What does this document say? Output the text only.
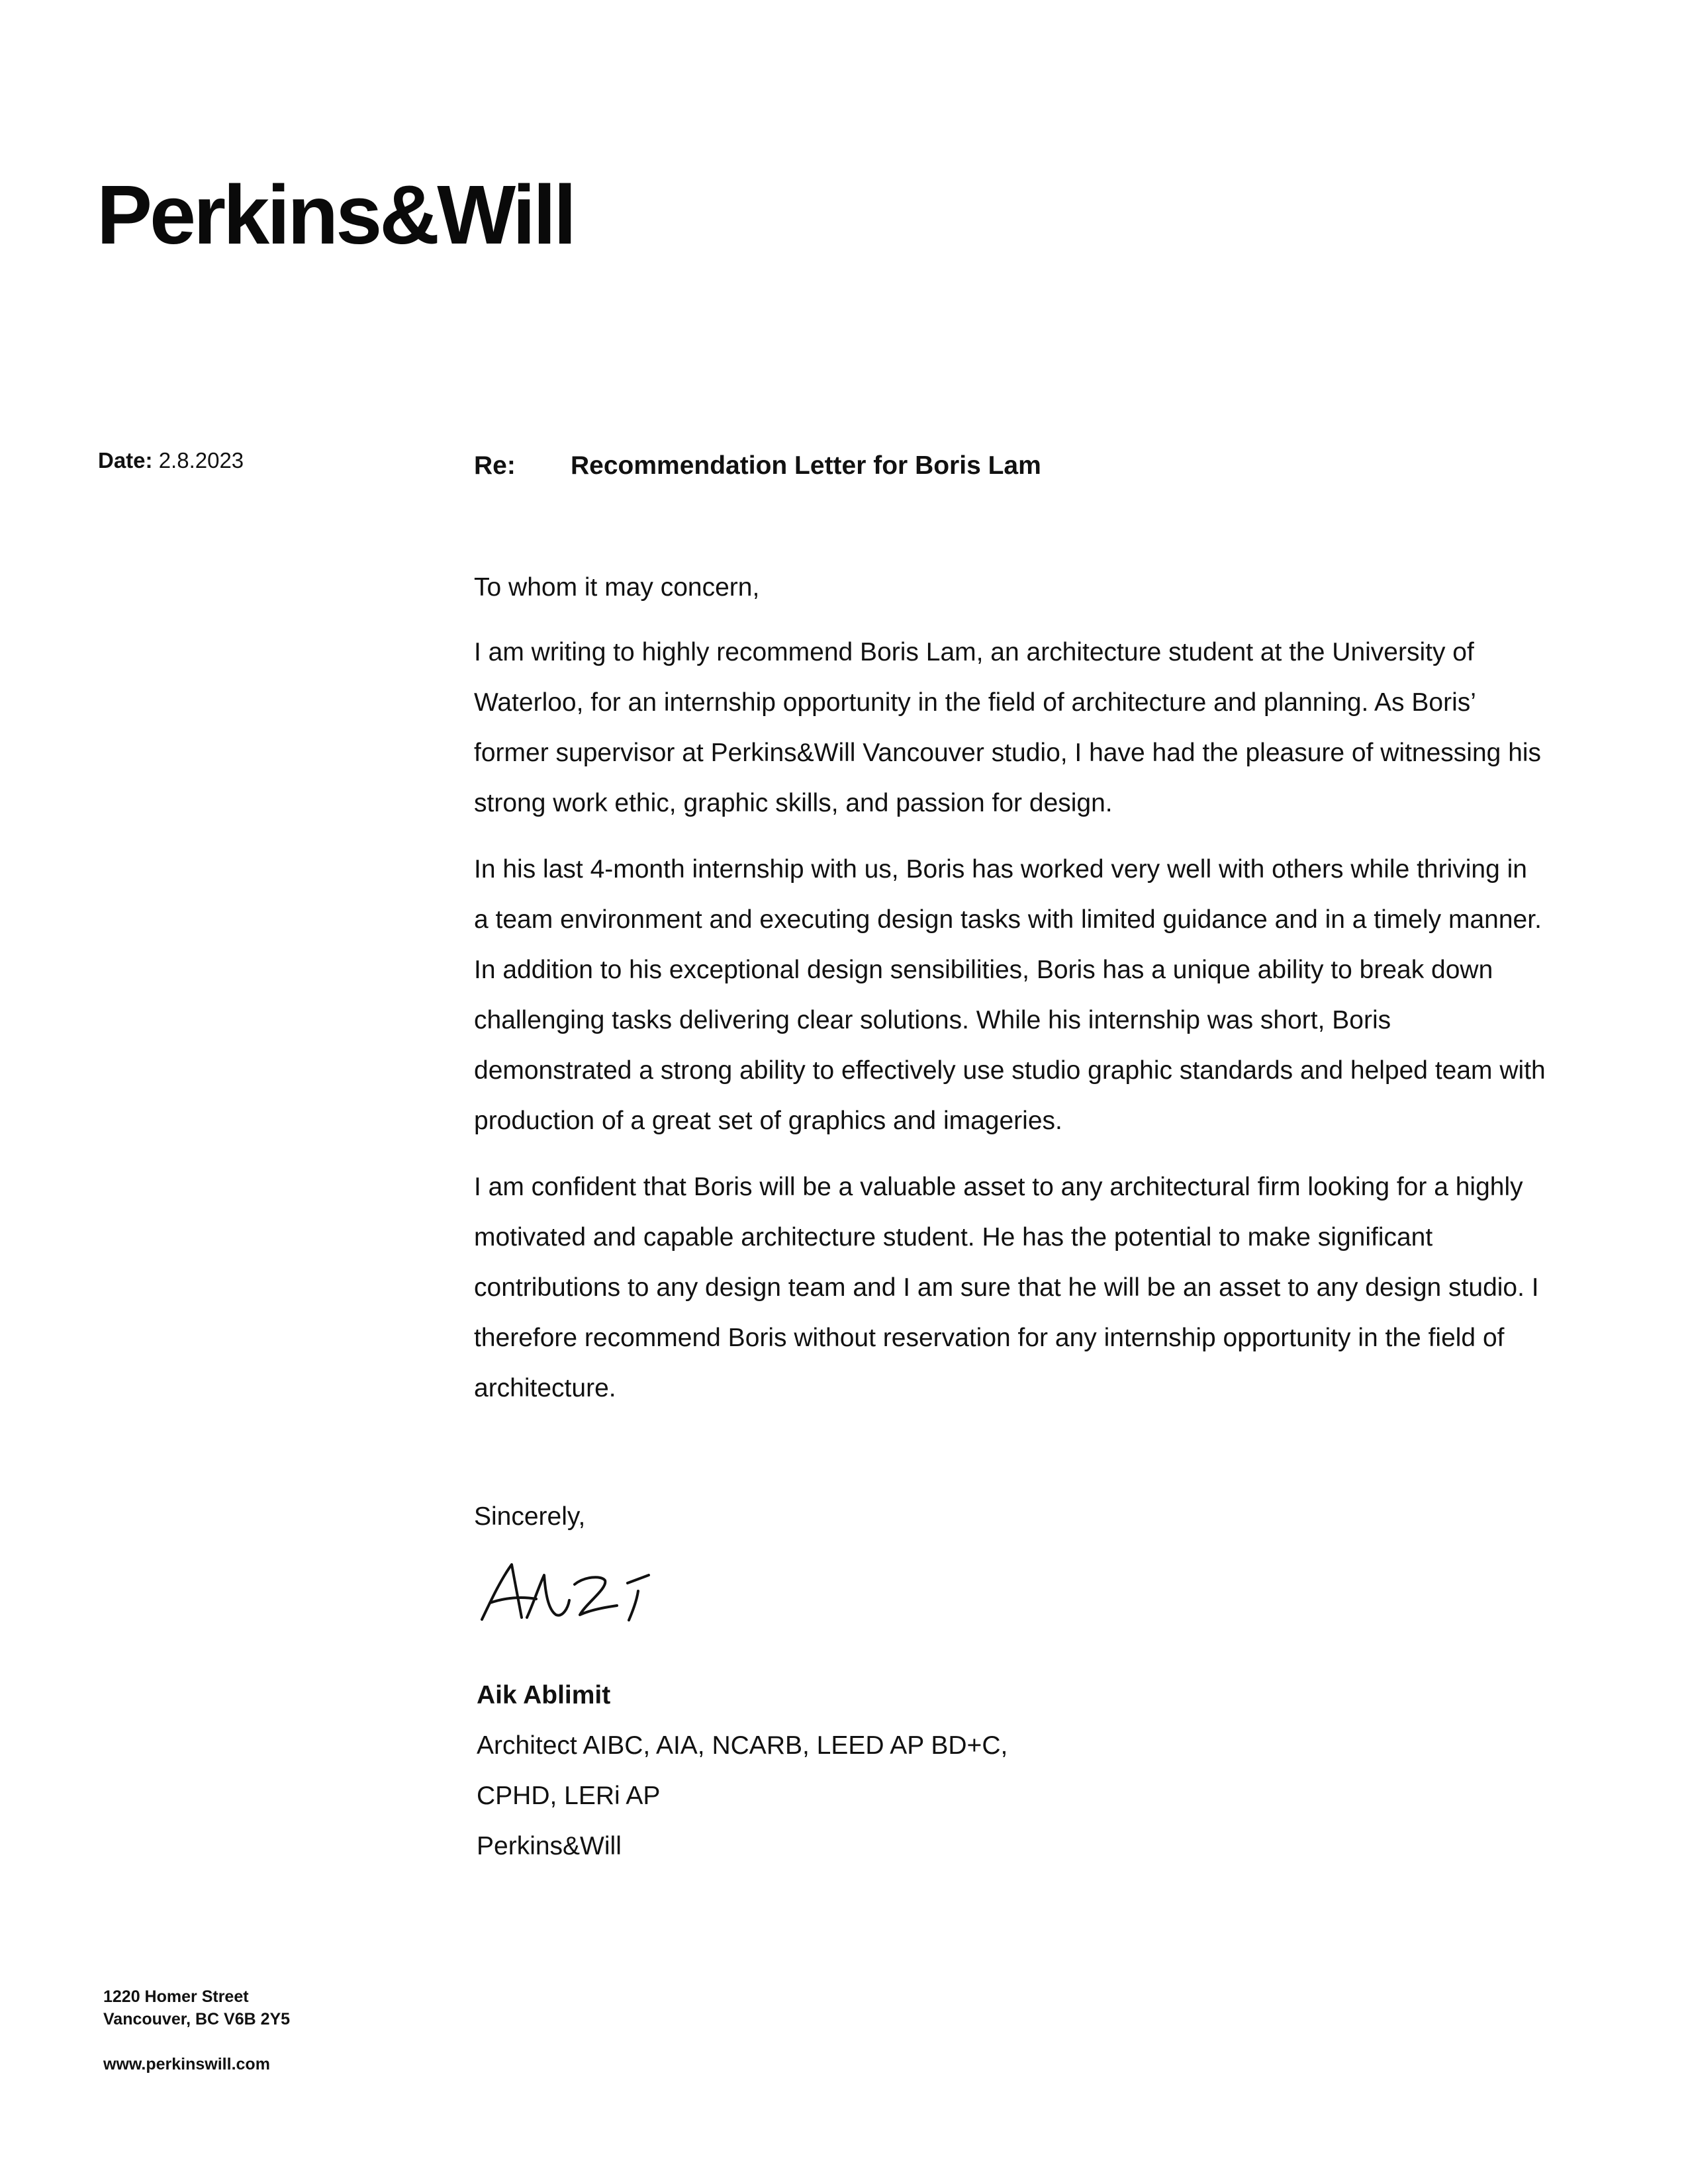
Perkins&Will
Date: 2.8.2023	Re: Recommendation Letter for Boris Lam

To whom it may concern,

I am writing to highly recommend Boris Lam, an architecture student at the University of Waterloo, for an internship opportunity in the field of architecture and planning. As Boris’ former supervisor at Perkins&Will Vancouver studio, I have had the pleasure of witnessing his strong work ethic, graphic skills, and passion for design.

In his last 4-month internship with us, Boris has worked very well with others while thriving in a team environment and executing design tasks with limited guidance and in a timely manner. In addition to his exceptional design sensibilities, Boris has a unique ability to break down challenging tasks delivering clear solutions. While his internship was short, Boris demonstrated a strong ability to effectively use studio graphic standards and helped team with production of a great set of graphics and imageries.

I am confident that Boris will be a valuable asset to any architectural firm looking for a highly motivated and capable architecture student. He has the potential to make significant contributions to any design team and I am sure that he will be an asset to any design studio. I therefore recommend Boris without reservation for any internship opportunity in the field of architecture.

Sincerely,
Aik Ablimit
Architect AIBC, AIA, NCARB, LEED AP BD+C,
CPHD, LERi AP
Perkins&Will
1220 Homer Street
Vancouver, BC V6B 2Y5
www.perkinswill.com
